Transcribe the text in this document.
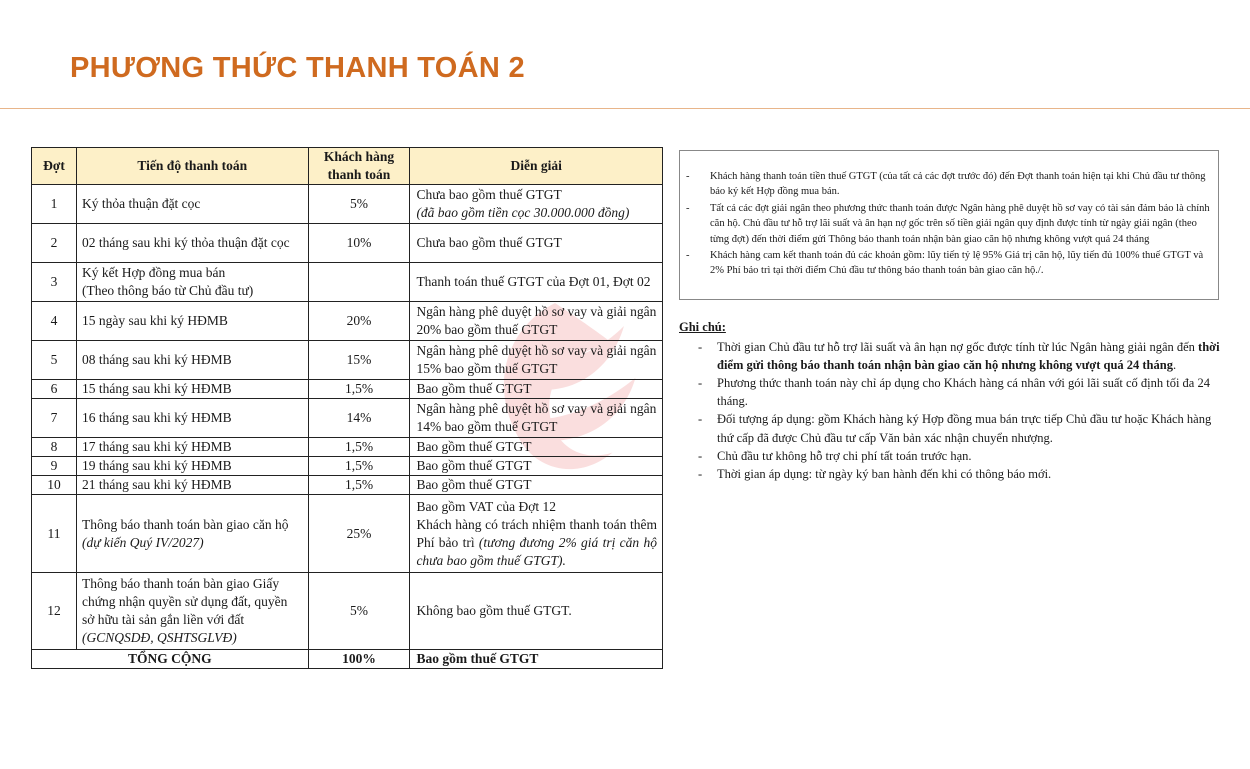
PHƯƠNG THỨC THANH TOÁN 2
Đợt	Tiến độ thanh toán	Khách hàng
thanh toán	Diễn giải
1	Ký thỏa thuận đặt cọc	5%	Chưa bao gồm thuế GTGT
(đã bao gồm tiền cọc 30.000.000 đồng)
2	02 tháng sau khi ký thỏa thuận đặt cọc	10%	Chưa bao gồm thuế GTGT
3	Ký kết Hợp đồng mua bán
(Theo thông báo từ Chủ đầu tư)		Thanh toán thuế GTGT của Đợt 01, Đợt 02
4	15 ngày sau khi ký HĐMB	20%	Ngân hàng phê duyệt hồ sơ vay và giải ngân 20% bao gồm thuế GTGT
5	08 tháng sau khi ký HĐMB	15%	Ngân hàng phê duyệt hồ sơ vay và giải ngân 15% bao gồm thuế GTGT
6	15 tháng sau khi ký HĐMB	1,5%	Bao gồm thuế GTGT
7	16 tháng sau khi ký HĐMB	14%	Ngân hàng phê duyệt hồ sơ vay và giải ngân 14% bao gồm thuế GTGT
8	17 tháng sau khi ký HĐMB	1,5%	Bao gồm thuế GTGT
9	19 tháng sau khi ký HĐMB	1,5%	Bao gồm thuế GTGT
10	21 tháng sau khi ký HĐMB	1,5%	Bao gồm thuế GTGT
11	Thông báo thanh toán bàn giao căn hộ
(dự kiến Quý IV/2027)	25%	Bao gồm VAT của Đợt 12
Khách hàng có trách nhiệm thanh toán thêm Phí bảo trì (tương đương 2% giá trị căn hộ chưa bao gồm thuế GTGT).
12	Thông báo thanh toán bàn giao Giấy chứng nhận quyền sử dụng đất, quyền sở hữu tài sản gắn liền với đất
(GCNQSDĐ, QSHTSGLVĐ)	5%	Không bao gồm thuế GTGT.
TỔNG CỘNG		100%	Bao gồm thuế GTGT
- Khách hàng thanh toán tiền thuế GTGT (của tất cả các đợt trước đó) đến Đợt thanh toán hiện tại khi Chủ đầu tư thông báo ký kết Hợp đồng mua bán.
- Tất cả các đợt giải ngân theo phương thức thanh toán được Ngân hàng phê duyệt hồ sơ vay có tài sản đảm bảo là chính căn hộ. Chủ đầu tư hỗ trợ lãi suất và ân hạn nợ gốc trên số tiền giải ngân quy định được tính từ ngày giải ngân (theo từng đợt) đến thời điểm gửi Thông báo thanh toán nhận bàn giao căn hộ nhưng không vượt quá 24 tháng
- Khách hàng cam kết thanh toán đủ các khoản gồm: lũy tiến tỷ lệ 95% Giá trị căn hộ, lũy tiến đủ 100% thuế GTGT và 2% Phí bảo trì tại thời điểm Chủ đầu tư thông báo thanh toán bàn giao căn hộ./.
Ghi chú:
- Thời gian Chủ đầu tư hỗ trợ lãi suất và ân hạn nợ gốc được tính từ lúc Ngân hàng giải ngân đến thời điểm gửi thông báo thanh toán nhận bàn giao căn hộ nhưng không vượt quá 24 tháng.
- Phương thức thanh toán này chỉ áp dụng cho Khách hàng cá nhân với gói lãi suất cố định tối đa 24 tháng.
- Đối tượng áp dụng: gồm Khách hàng ký Hợp đồng mua bán trực tiếp Chủ đầu tư hoặc Khách hàng thứ cấp đã được Chủ đầu tư cấp Văn bản xác nhận chuyển nhượng.
- Chủ đầu tư không hỗ trợ chi phí tất toán trước hạn.
- Thời gian áp dụng: từ ngày ký ban hành đến khi có thông báo mới.
